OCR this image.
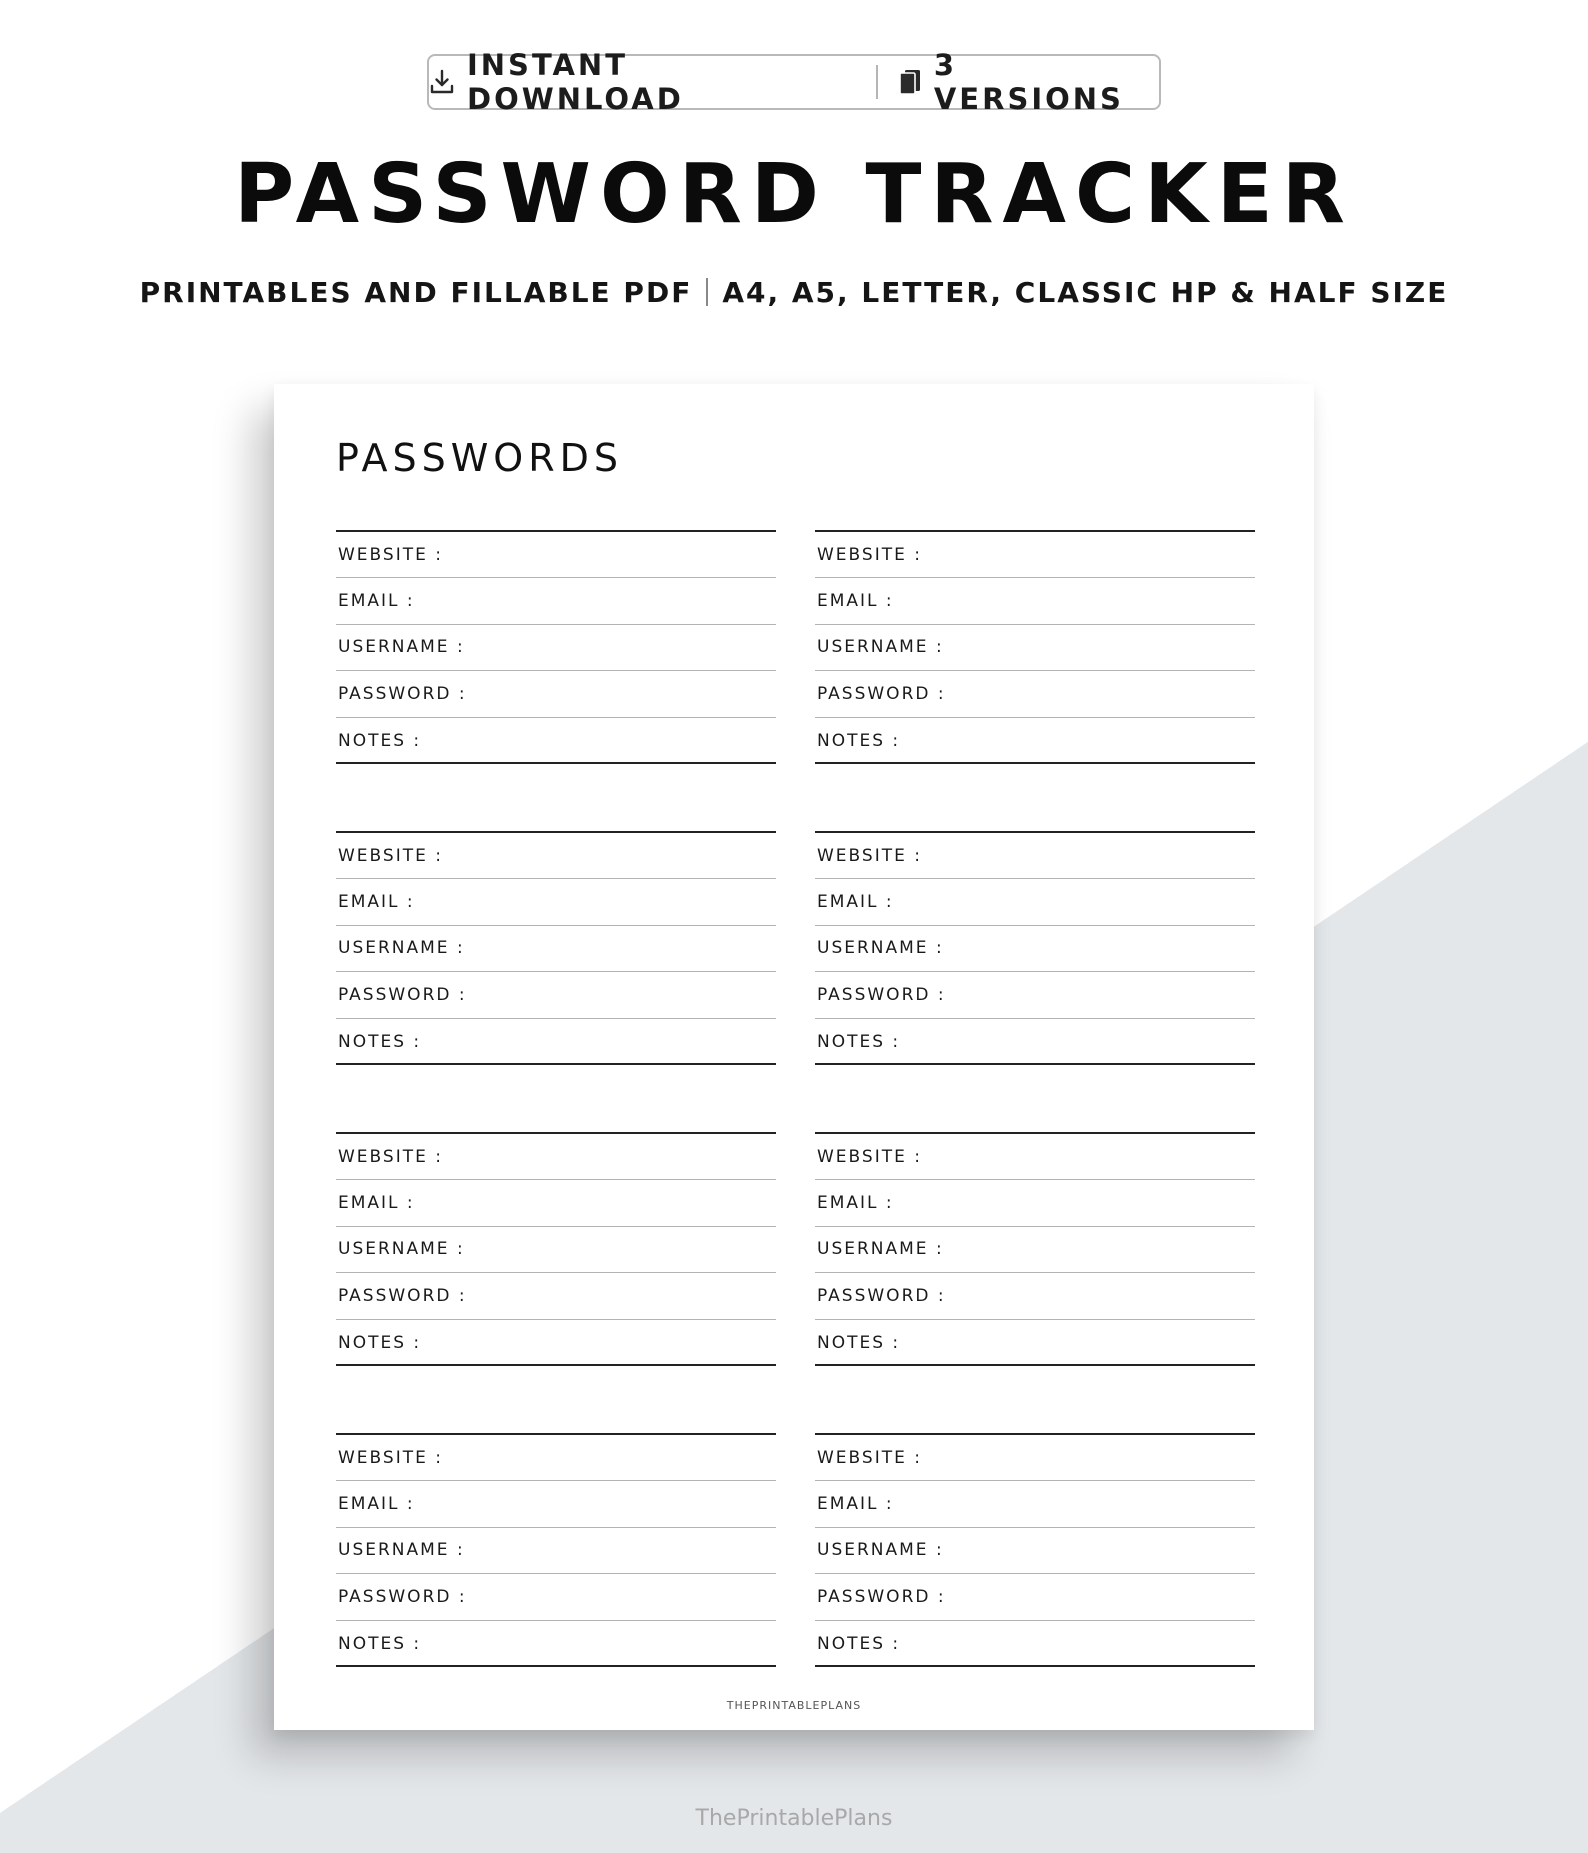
INSTANT DOWNLOAD
3 VERSIONS
PASSWORD TRACKER
PRINTABLES AND FILLABLE PDF A4, A5, LETTER, CLASSIC HP & HALF SIZE
PASSWORDS
THEPRINTABLEPLANS
WEBSITE :
EMAIL :
USERNAME :
PASSWORD :
NOTES :
WEBSITE :
EMAIL :
USERNAME :
PASSWORD :
NOTES :
WEBSITE :
EMAIL :
USERNAME :
PASSWORD :
NOTES :
WEBSITE :
EMAIL :
USERNAME :
PASSWORD :
NOTES :
WEBSITE :
EMAIL :
USERNAME :
PASSWORD :
NOTES :
WEBSITE :
EMAIL :
USERNAME :
PASSWORD :
NOTES :
WEBSITE :
EMAIL :
USERNAME :
PASSWORD :
NOTES :
WEBSITE :
EMAIL :
USERNAME :
PASSWORD :
NOTES :
ThePrintablePlans
